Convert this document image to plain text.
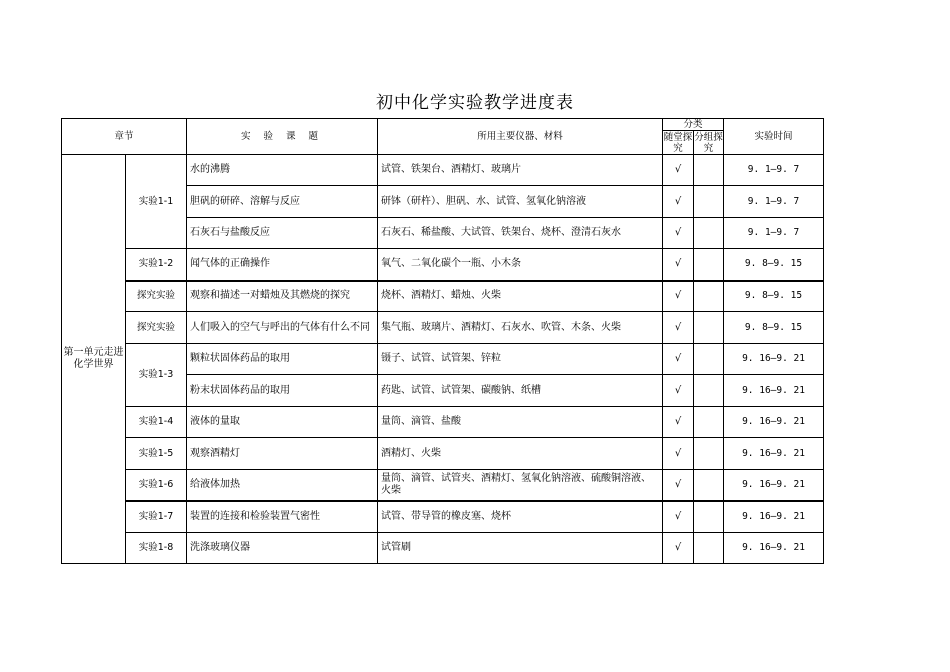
初中化学实验教学进度表
章节		实 验 课 题	所用主要仪器、材料	分类		实验时间
				随堂探究	分组探究	
第一单元走进化学世界	实验1-1	水的沸腾	试管、铁架台、酒精灯、玻璃片	√		9. 1—9. 7
		胆矾的研碎、溶解与反应	研钵（研杵）、胆矾、水、试管、氢氧化钠溶液	√		9. 1—9. 7
		石灰石与盐酸反应	石灰石、稀盐酸、大试管、铁架台、烧杯、澄清石灰水	√		9. 1—9. 7
	实验1-2	闻气体的正确操作	氧气、二氧化碳个一瓶、小木条	√		9. 8—9. 15
	探究实验	观察和描述一对蜡烛及其燃烧的探究	烧杯、酒精灯、蜡烛、火柴	√		9. 8—9. 15
	探究实验	人们吸入的空气与呼出的气体有什么不同	集气瓶、玻璃片、酒精灯、石灰水、吹管、木条、火柴	√		9. 8—9. 15
	实验1-3	颗粒状固体药品的取用	镊子、试管、试管架、锌粒	√		9. 16—9. 21
		粉末状固体药品的取用	药匙、试管、试管架、碳酸钠、纸槽	√		9. 16—9. 21
	实验1-4	液体的量取	量筒、滴管、盐酸	√		9. 16—9. 21
	实验1-5	观察酒精灯	酒精灯、火柴	√		9. 16—9. 21
	实验1-6	给液体加热	量筒、滴管、试管夹、酒精灯、氢氧化钠溶液、硫酸铜溶液、火柴	√		9. 16—9. 21
	实验1-7	装置的连接和检验装置气密性	试管、带导管的橡皮塞、烧杯	√		9. 16—9. 21
	实验1-8	洗涤玻璃仪器	试管刷	√		9. 16—9. 21
